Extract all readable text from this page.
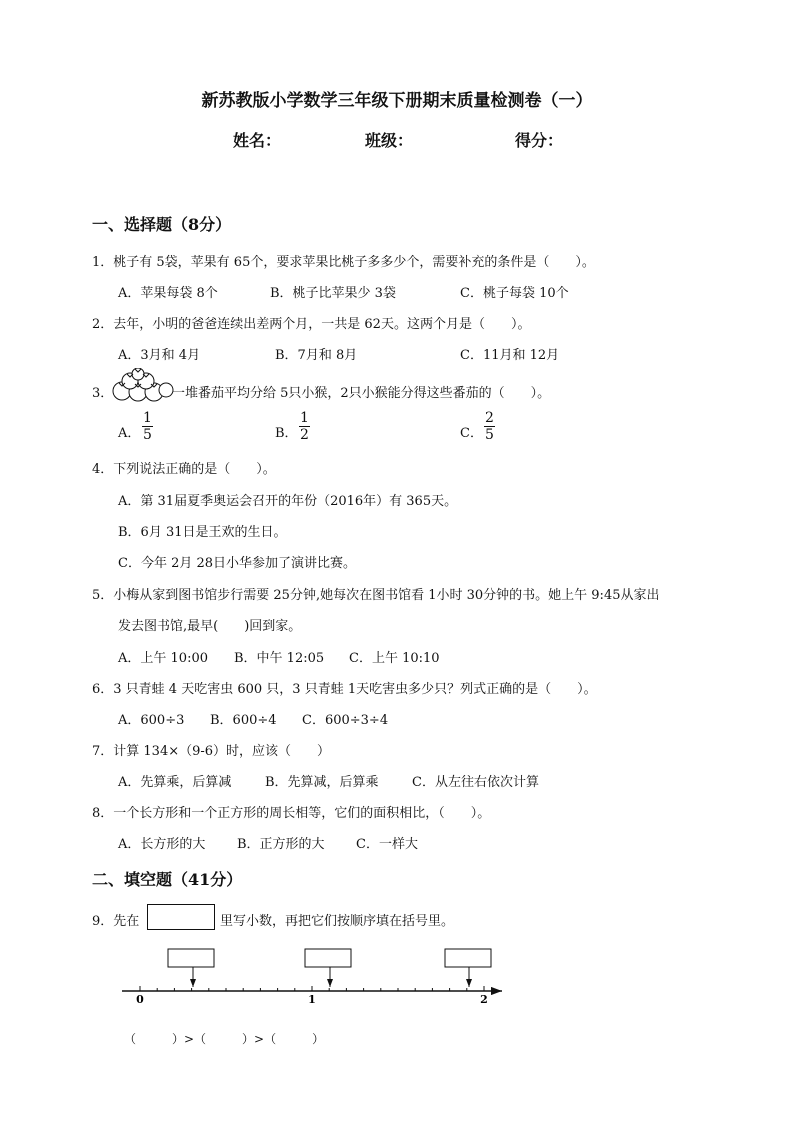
新苏教版小学数学三年级下册期末质量检测卷（一）
姓名：	班级：	得分：
一、选择题（8分）
1．桃子有 5袋，苹果有 65个，要求苹果比桃子多多少个，需要补充的条件是（　　）。
A．苹果每袋 8个	B．桃子比苹果少 3袋	C．桃子每袋 10个
2．去年，小明的爸爸连续出差两个月，一共是 62天。这两个月是（　　）。
A．3月和 4月	B．7月和 8月	C．11月和 12月
3．	一堆番茄平均分给 5只小猴，2只小猴能分得这些番茄的（　　）。
A． $\frac{1}{5}$	B． $\frac{1}{2}$	C． $\frac{2}{5}$
4．下列说法正确的是（　　）。
A．第 31届夏季奥运会召开的年份（2016年）有 365天。
B．6月 31日是王欢的生日。
C．今年 2月 28日小华参加了演讲比赛。
5．小梅从家到图书馆步行需要 25分钟,她每次在图书馆看 1小时 30分钟的书。她上午 9:45从家出
发去图书馆,最早(　　)回到家。
A．上午 10:00 B．中午 12:05 C．上午 10:10
6．3 只青蛙 4 天吃害虫 600 只，3 只青蛙 1天吃害虫多少只？列式正确的是（　　）。
A．600÷3 B．600÷4 C．600÷3÷4
7．计算 134×（9-6）时，应该（　　）
A．先算乘，后算减	B．先算减，后算乘	C．从左往右依次计算
8．一个长方形和一个正方形的周长相等，它们的面积相比，（　　）。
A．长方形的大 B．正方形的大 C．一样大
二、填空题（41分）
9．先在	里写小数，再把它们按顺序填在括号里。
0	1	2
（　　　）>（　　　）>（　　　）
